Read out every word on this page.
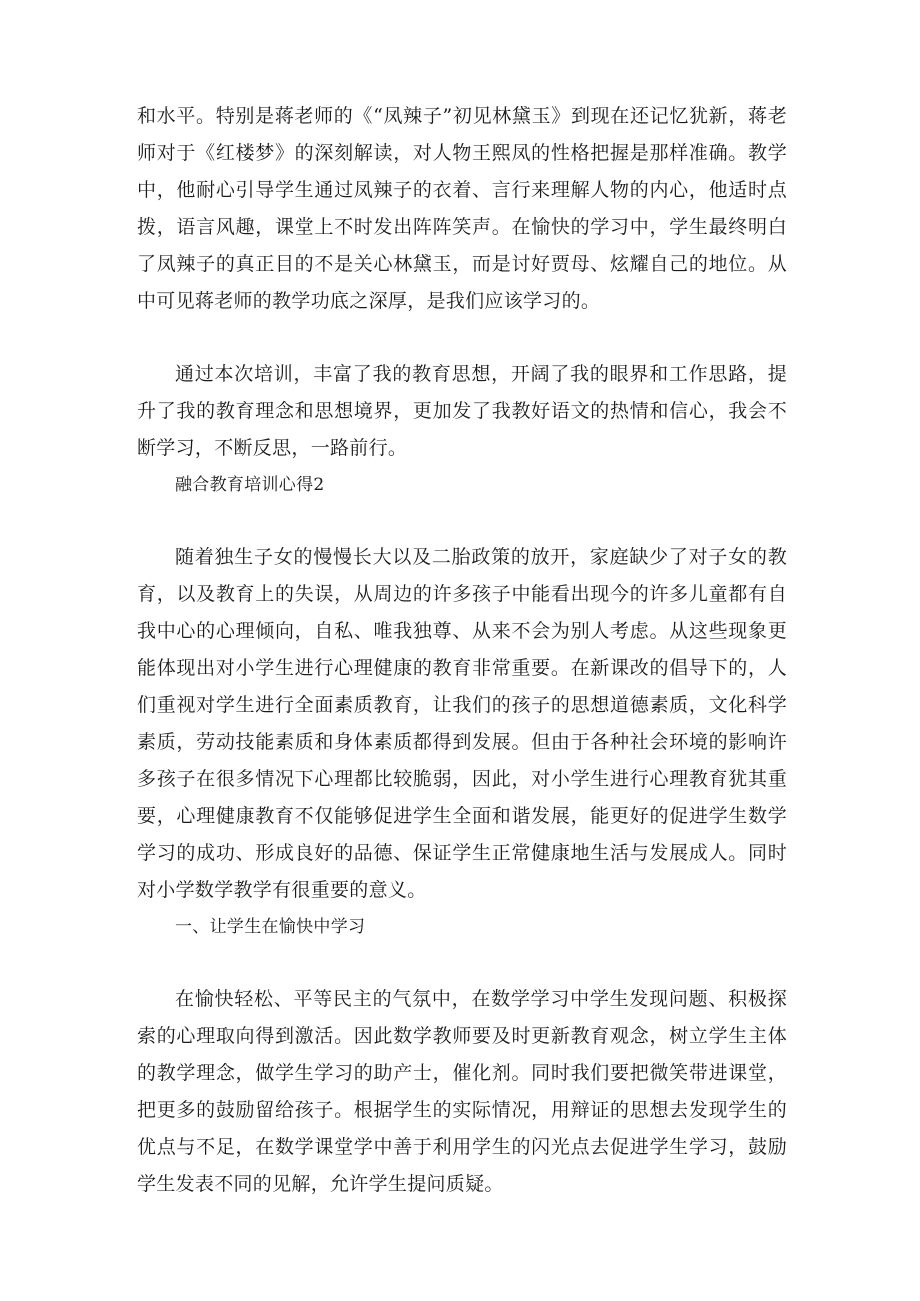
和水平。特别是蒋老师的《“凤辣子”初见林黛玉》到现在还记忆犹新，蒋老师对于《红楼梦》的深刻解读，对人物王熙凤的性格把握是那样准确。教学中，他耐心引导学生通过凤辣子的衣着、言行来理解人物的内心，他适时点拨，语言风趣，课堂上不时发出阵阵笑声。在愉快的学习中，学生最终明白了凤辣子的真正目的不是关心林黛玉，而是讨好贾母、炫耀自己的地位。从中可见蒋老师的教学功底之深厚，是我们应该学习的。

通过本次培训，丰富了我的教育思想，开阔了我的眼界和工作思路，提升了我的教育理念和思想境界，更加发了我教好语文的热情和信心，我会不断学习，不断反思，一路前行。

融合教育培训心得2

随着独生子女的慢慢长大以及二胎政策的放开，家庭缺少了对子女的教育，以及教育上的失误，从周边的许多孩子中能看出现今的许多儿童都有自我中心的心理倾向，自私、唯我独尊、从来不会为别人考虑。从这些现象更能体现出对小学生进行心理健康的教育非常重要。在新课改的倡导下的，人们重视对学生进行全面素质教育，让我们的孩子的思想道德素质，文化科学素质，劳动技能素质和身体素质都得到发展。但由于各种社会环境的影响许多孩子在很多情况下心理都比较脆弱，因此，对小学生进行心理教育犹其重要，心理健康教育不仅能够促进学生全面和谐发展，能更好的促进学生数学学习的成功、形成良好的品德、保证学生正常健康地生活与发展成人。同时对小学数学教学有很重要的意义。

一、让学生在愉快中学习

在愉快轻松、平等民主的气氛中，在数学学习中学生发现问题、积极探索的心理取向得到激活。因此数学教师要及时更新教育观念，树立学生主体的教学理念，做学生学习的助产士，催化剂。同时我们要把微笑带进课堂，把更多的鼓励留给孩子。根据学生的实际情况，用辩证的思想去发现学生的优点与不足，在数学课堂学中善于利用学生的闪光点去促进学生学习，鼓励学生发表不同的见解，允许学生提问质疑。
